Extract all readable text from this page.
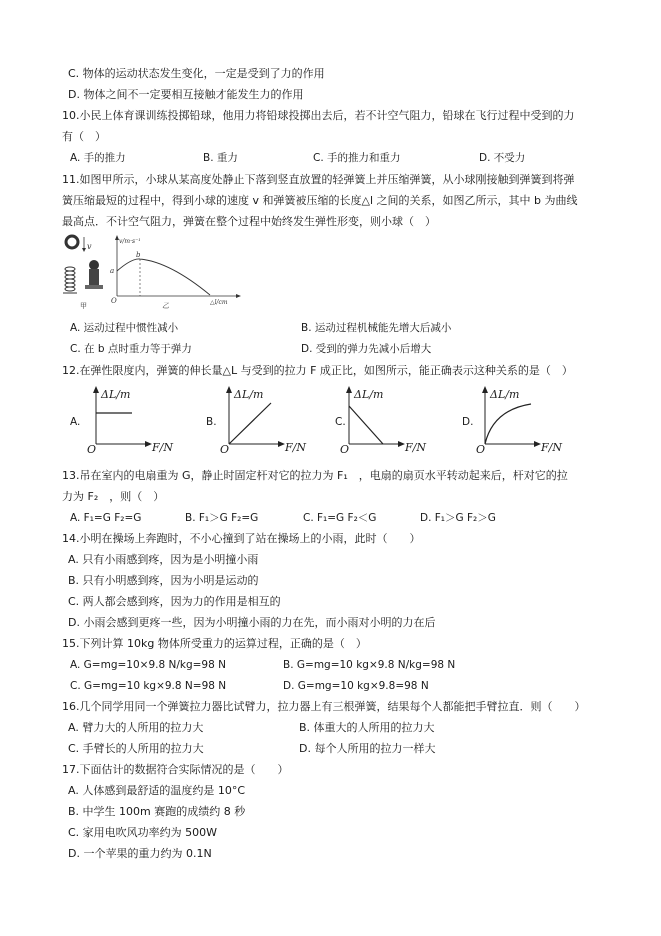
C. 物体的运动状态发生变化，一定是受到了力的作用
D. 物体之间不一定要相互接触才能发生力的作用
10.小民上体育课训练投掷铅球，他用力将铅球投掷出去后，若不计空气阻力，铅球在飞行过程中受到的力
有（　）
A. 手的推力	B. 重力	C. 手的推力和重力	D. 不受力
11.如图甲所示，小球从某高度处静止下落到竖直放置的轻弹簧上并压缩弹簧，从小球刚接触到弹簧到将弹
簧压缩最短的过程中，得到小球的速度 v 和弹簧被压缩的长度△l 之间的关系，如图乙所示，其中 b 为曲线
最高点．不计空气阻力，弹簧在整个过程中始终发生弹性形变，则小球（　）
v
甲
v/m·s⁻¹
a
b
O
乙	△l/cm
A. 运动过程中惯性减小	B. 运动过程机械能先增大后减小
C. 在 b 点时重力等于弹力	D. 受到的弹力先减小后增大
12.在弹性限度内，弹簧的伸长量△L 与受到的拉力 F 成正比，如图所示，能正确表示这种关系的是（　）
A.
ΔL/m
F/N
O
B.
ΔL/m
F/N
O
C.
ΔL/m
F/N
O
D.
ΔL/m
F/N
O
13.吊在室内的电扇重为 G，静止时固定杆对它的拉力为 F₁　，电扇的扇页水平转动起来后，杆对它的拉
力为 F₂　，则（　）
A. F₁=G F₂=G	B. F₁＞G F₂=G	C. F₁=G F₂＜G	D. F₁＞G F₂＞G
14.小明在操场上奔跑时，不小心撞到了站在操场上的小雨，此时（　　）
A. 只有小雨感到疼，因为是小明撞小雨
B. 只有小明感到疼，因为小明是运动的
C. 两人都会感到疼，因为力的作用是相互的
D. 小雨会感到更疼一些，因为小明撞小雨的力在先，而小雨对小明的力在后
15.下列计算 10kg 物体所受重力的运算过程，正确的是（　）
A. G=mg=10×9.8 N/kg=98 N	B. G=mg=10 kg×9.8 N/kg=98 N
C. G=mg=10 kg×9.8 N=98 N	D. G=mg=10 kg×9.8=98 N
16.几个同学用同一个弹簧拉力器比试臂力，拉力器上有三根弹簧，结果每个人都能把手臂拉直．则（　　）
A. 臂力大的人所用的拉力大	B. 体重大的人所用的拉力大
C. 手臂长的人所用的拉力大	D. 每个人所用的拉力一样大
17.下面估计的数据符合实际情况的是（　　）
A. 人体感到最舒适的温度约是 10°C
B. 中学生 100m 赛跑的成绩约 8 秒
C. 家用电吹风功率约为 500W
D. 一个苹果的重力约为 0.1N
